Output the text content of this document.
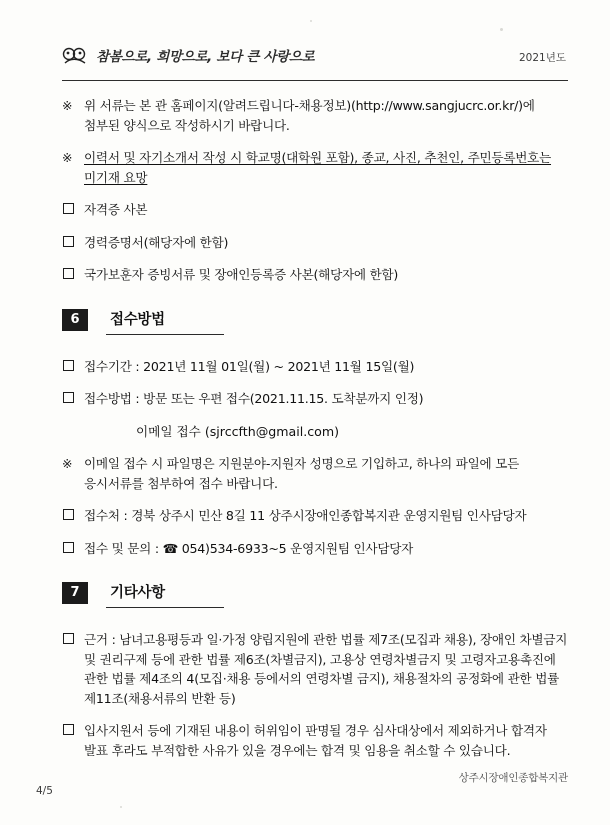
참봄으로, 희망으로, 보다 큰 사랑으로	2021년도
※ 위 서류는 본 관 홈페이지(알려드립니다-채용정보)(http://www.sangjucrc.or.kr/)에 첨부된 양식으로 작성하시기 바랍니다.
※ 이력서 및 자기소개서 작성 시 학교명(대학원 포함), 종교, 사진, 추천인, 주민등록번호는 미기재 요망
자격증 사본
경력증명서(해당자에 한함)
국가보훈자 증빙서류 및 장애인등록증 사본(해당자에 한함)
6	접수방법
접수기간 : 2021년 11월 01일(월) ~ 2021년 11월 15일(월)
접수방법 : 방문 또는 우편 접수(2021.11.15. 도착분까지 인정)
이메일 접수 (sjrccfth@gmail.com)
※ 이메일 접수 시 파일명은 지원분야-지원자 성명으로 기입하고, 하나의 파일에 모든 응시서류를 첨부하여 접수 바랍니다.
접수처 : 경북 상주시 민산 8길 11 상주시장애인종합복지관 운영지원팀 인사담당자
접수 및 문의 : ☎ 054)534-6933~5 운영지원팀 인사담당자
7	기타사항
근거 : 남녀고용평등과 일·가정 양립지원에 관한 법률 제7조(모집과 채용), 장애인 차별금지 및 권리구제 등에 관한 법률 제6조(차별금지), 고용상 연령차별금지 및 고령자고용촉진에 관한 법률 제4조의 4(모집·채용 등에서의 연령차별 금지), 채용절차의 공정화에 관한 법률 제11조(채용서류의 반환 등)
입사지원서 등에 기재된 내용이 허위임이 판명될 경우 심사대상에서 제외하거나 합격자 발표 후라도 부적합한 사유가 있을 경우에는 합격 및 임용을 취소할 수 있습니다.
상주시장애인종합복지관
4/5
